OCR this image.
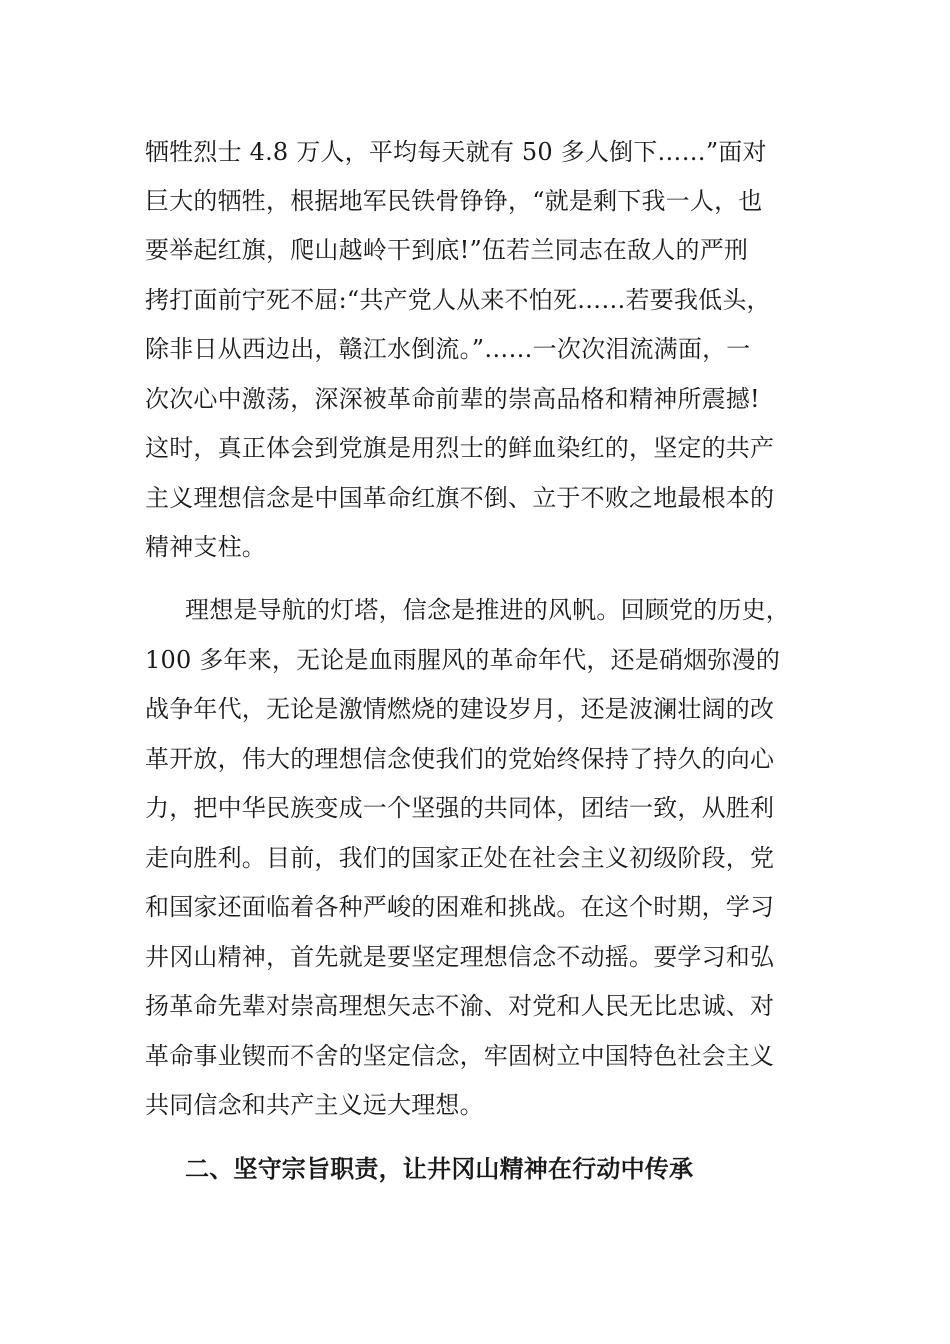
牺牲烈士 4.8 万人，平均每天就有 50 多人倒下……”面对
巨大的牺牲，根据地军民铁骨铮铮，“就是剩下我一人，也
要举起红旗，爬山越岭干到底!”伍若兰同志在敌人的严刑
拷打面前宁死不屈:“共产党人从来不怕死……若要我低头，
除非日从西边出，赣江水倒流。”……一次次泪流满面，一
次次心中激荡，深深被革命前辈的崇高品格和精神所震撼!
这时，真正体会到党旗是用烈士的鲜血染红的，坚定的共产
主义理想信念是中国革命红旗不倒、立于不败之地最根本的
精神支柱。
理想是导航的灯塔，信念是推进的风帆。回顾党的历史，
100 多年来，无论是血雨腥风的革命年代，还是硝烟弥漫的
战争年代，无论是激情燃烧的建设岁月，还是波澜壮阔的改
革开放，伟大的理想信念使我们的党始终保持了持久的向心
力，把中华民族变成一个坚强的共同体，团结一致，从胜利
走向胜利。目前，我们的国家正处在社会主义初级阶段，党
和国家还面临着各种严峻的困难和挑战。在这个时期，学习
井冈山精神，首先就是要坚定理想信念不动摇。要学习和弘
扬革命先辈对崇高理想矢志不渝、对党和人民无比忠诚、对
革命事业锲而不舍的坚定信念，牢固树立中国特色社会主义
共同信念和共产主义远大理想。
二、坚守宗旨职责，让井冈山精神在行动中传承
